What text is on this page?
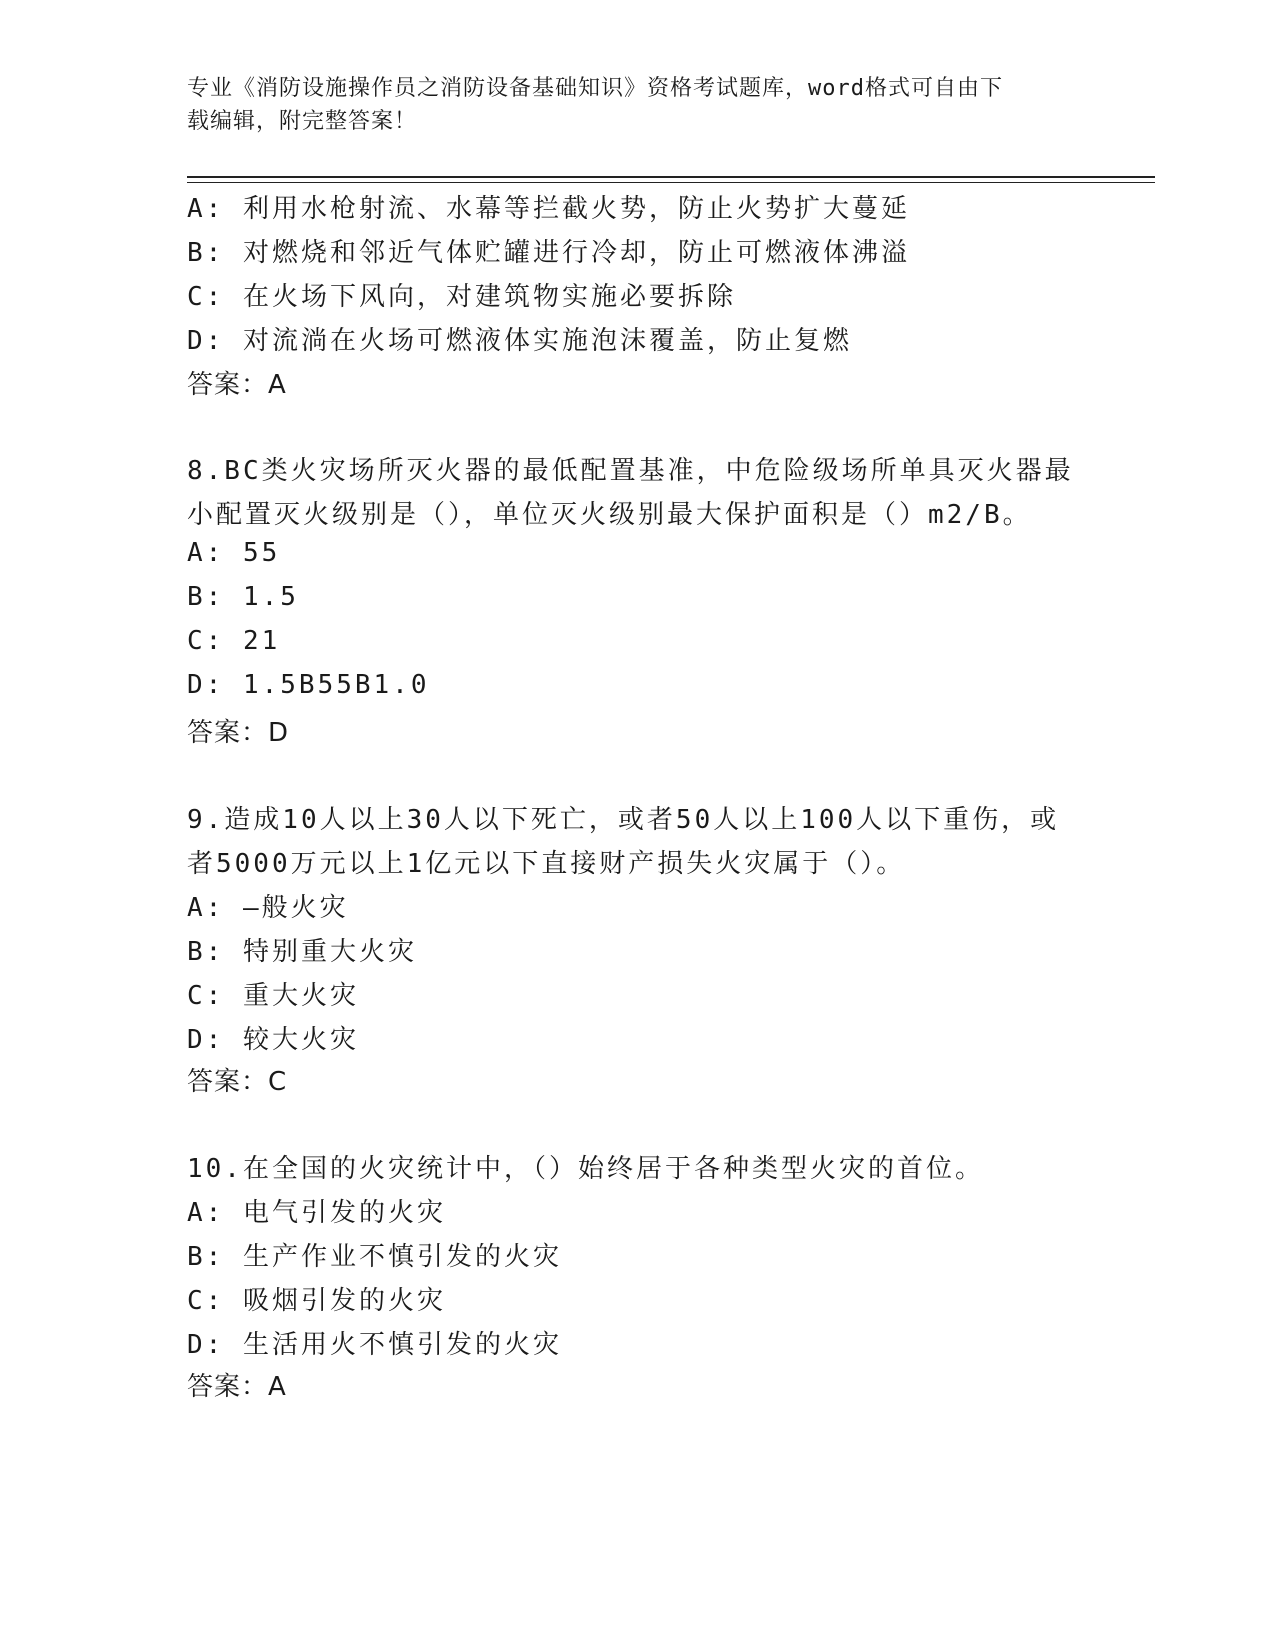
专业《消防设施操作员之消防设备基础知识》资格考试题库，word格式可自由下
载编辑，附完整答案！
A: 利用水枪射流、水幕等拦截火势，防止火势扩大蔓延
B: 对燃烧和邻近气体贮罐进行冷却，防止可燃液体沸溢
C: 在火场下风向，对建筑物实施必要拆除
D: 对流淌在火场可燃液体实施泡沫覆盖，防止复燃
答案：A
8.BC类火灾场所灭火器的最低配置基准，中危险级场所单具灭火器最
小配置灭火级别是（），单位灭火级别最大保护面积是（）m2/B。
A: 55
B: 1.5
C: 21
D: 1.5B55B1.0
答案：D
9.造成10人以上30人以下死亡，或者50人以上100人以下重伤，或
者5000万元以上1亿元以下直接财产损失火灾属于（）。
A: —般火灾
B: 特别重大火灾
C: 重大火灾
D: 较大火灾
答案：C
10.在全国的火灾统计中，（）始终居于各种类型火灾的首位。
A: 电气引发的火灾
B: 生产作业不慎引发的火灾
C: 吸烟引发的火灾
D: 生活用火不慎引发的火灾
答案：A
